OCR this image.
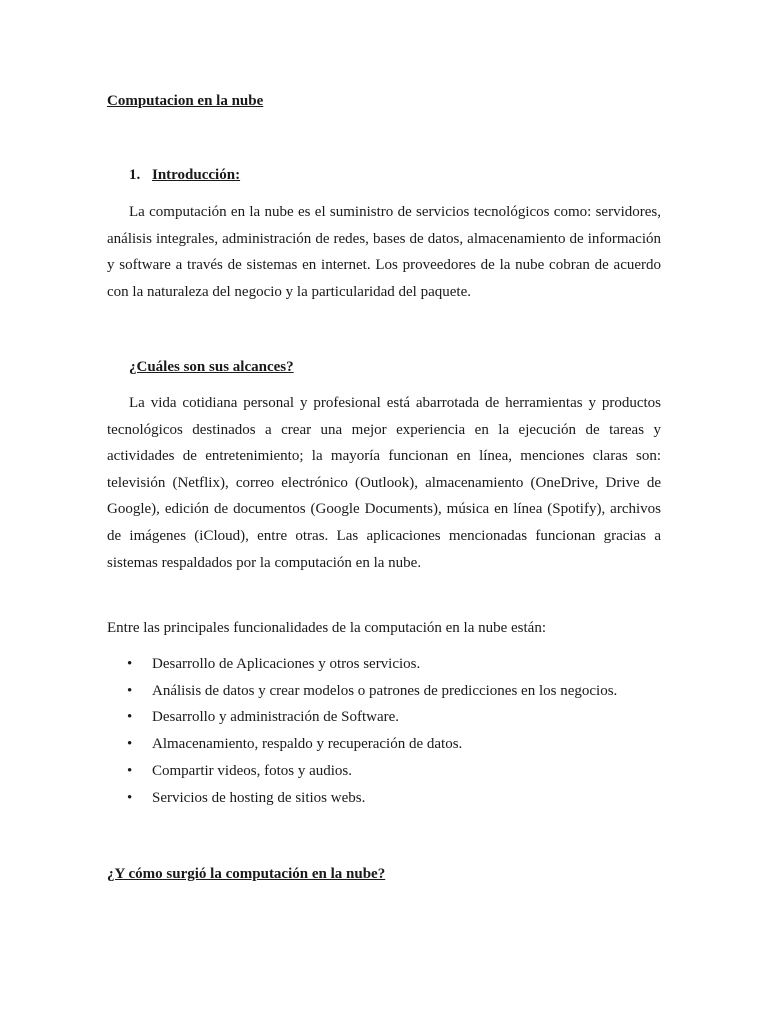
Computacion en la nube
1. Introducción:

La computación en la nube es el suministro de servicios tecnológicos como: servidores, análisis integrales, administración de redes, bases de datos, almacenamiento de información y software a través de sistemas en internet. Los proveedores de la nube cobran de acuerdo con la naturaleza del negocio y la particularidad del paquete.

¿Cuáles son sus alcances?

La vida cotidiana personal y profesional está abarrotada de herramientas y productos tecnológicos destinados a crear una mejor experiencia en la ejecución de tareas y actividades de entretenimiento; la mayoría funcionan en línea, menciones claras son: televisión (Netflix), correo electrónico (Outlook), almacenamiento (OneDrive, Drive de Google), edición de documentos (Google Documents), música en línea (Spotify), archivos de imágenes (iCloud), entre otras. Las aplicaciones mencionadas funcionan gracias a sistemas respaldados por la computación en la nube.

Entre las principales funcionalidades de la computación en la nube están:

• Desarrollo de Aplicaciones y otros servicios.
• Análisis de datos y crear modelos o patrones de predicciones en los negocios.
• Desarrollo y administración de Software.
• Almacenamiento, respaldo y recuperación de datos.
• Compartir videos, fotos y audios.
• Servicios de hosting de sitios webs.
¿Y cómo surgió la computación en la nube?
